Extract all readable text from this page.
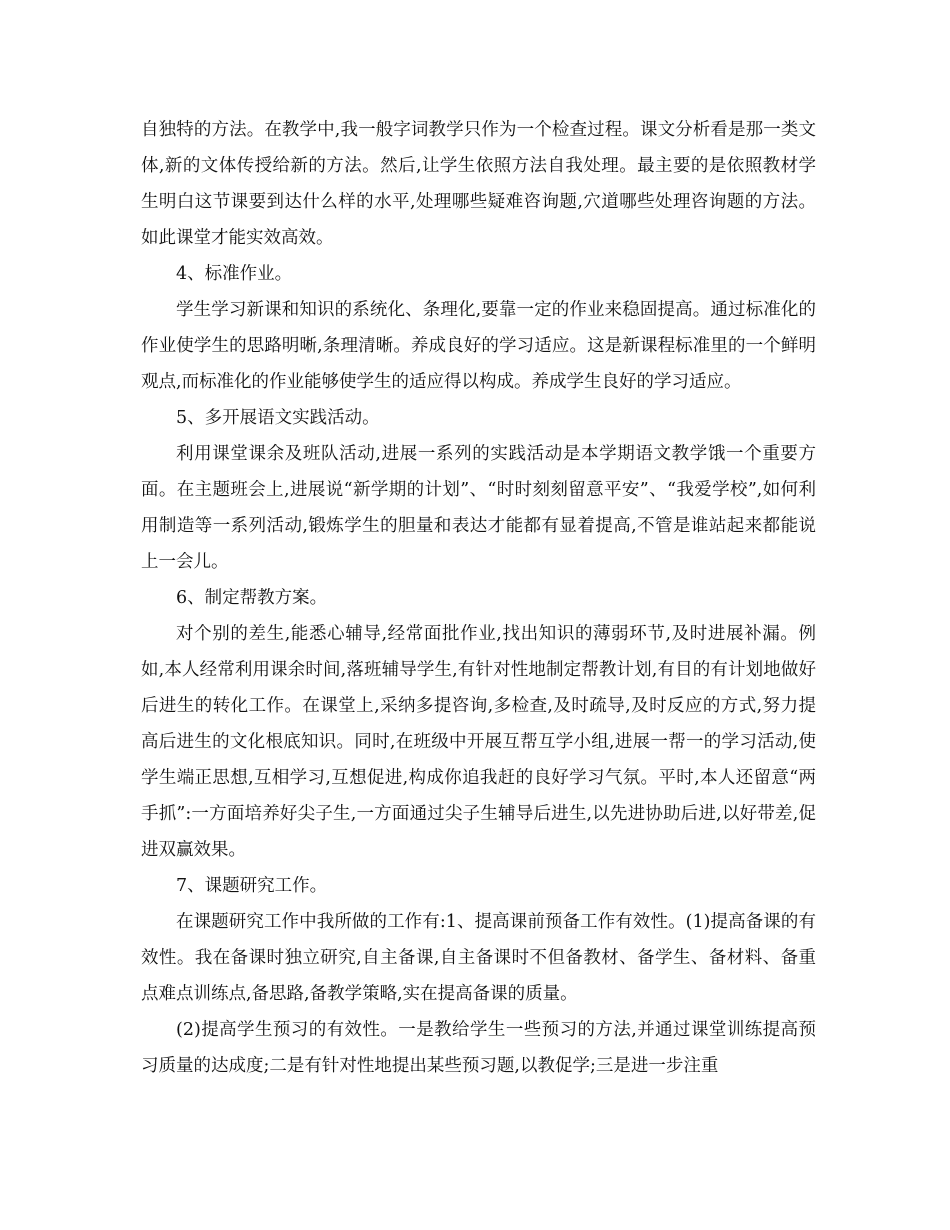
自独特的方法。在教学中,我一般字词教学只作为一个检查过程。课文分析看是那一类文体,新的文体传授给新的方法。然后,让学生依照方法自我处理。最主要的是依照教材学生明白这节课要到达什么样的水平,处理哪些疑难咨询题,穴道哪些处理咨询题的方法。如此课堂才能实效高效。

4、标准作业。

学生学习新课和知识的系统化、条理化,要靠一定的作业来稳固提高。通过标准化的作业使学生的思路明晰,条理清晰。养成良好的学习适应。这是新课程标准里的一个鲜明观点,而标准化的作业能够使学生的适应得以构成。养成学生良好的学习适应。

5、多开展语文实践活动。

利用课堂课余及班队活动,进展一系列的实践活动是本学期语文教学饿一个重要方面。在主题班会上,进展说“新学期的计划”、“时时刻刻留意平安”、“我爱学校”,如何利用制造等一系列活动,锻炼学生的胆量和表达才能都有显着提高,不管是谁站起来都能说上一会儿。

6、制定帮教方案。

对个别的差生,能悉心辅导,经常面批作业,找出知识的薄弱环节,及时进展补漏。例如,本人经常利用课余时间,落班辅导学生,有针对性地制定帮教计划,有目的有计划地做好后进生的转化工作。在课堂上,采纳多提咨询,多检查,及时疏导,及时反应的方式,努力提高后进生的文化根底知识。同时,在班级中开展互帮互学小组,进展一帮一的学习活动,使学生端正思想,互相学习,互想促进,构成你追我赶的良好学习气氛。平时,本人还留意“两手抓”:一方面培养好尖子生,一方面通过尖子生辅导后进生,以先进协助后进,以好带差,促进双赢效果。

7、课题研究工作。

在课题研究工作中我所做的工作有:1、提高课前预备工作有效性。(1)提高备课的有效性。我在备课时独立研究,自主备课,自主备课时不但备教材、备学生、备材料、备重点难点训练点,备思路,备教学策略,实在提高备课的质量。

(2)提高学生预习的有效性。一是教给学生一些预习的方法,并通过课堂训练提高预习质量的达成度;二是有针对性地提出某些预习题,以教促学;三是进一步注重
